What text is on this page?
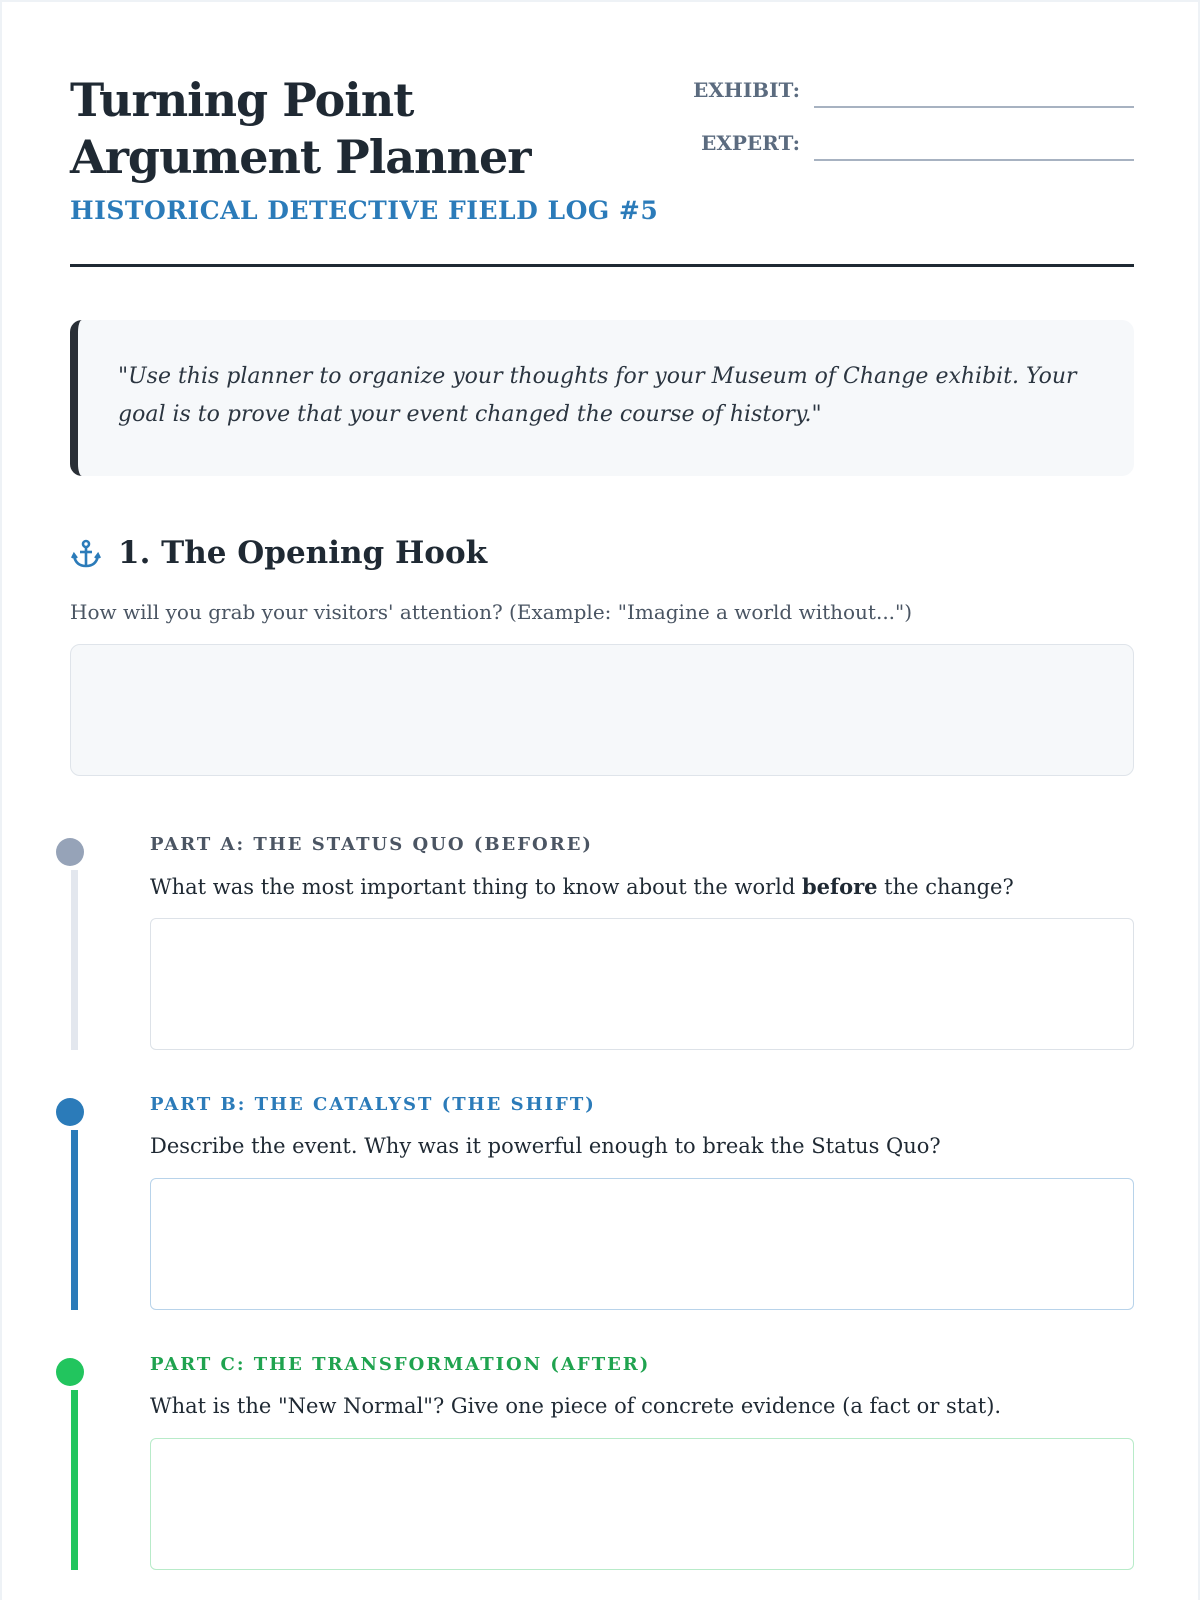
Turning Point Argument Planner
HISTORICAL DETECTIVE FIELD LOG #5
EXHIBIT:
EXPERT:

"Use this planner to organize your thoughts for your Museum of Change exhibit. Your goal is to prove that your event changed the course of history."

1. The Opening Hook

How will you grab your visitors' attention? (Example: "Imagine a world without...")

PART A: THE STATUS QUO (BEFORE)

What was the most important thing to know about the world before the change?

PART B: THE CATALYST (THE SHIFT)

Describe the event. Why was it powerful enough to break the Status Quo?

PART C: THE TRANSFORMATION (AFTER)

What is the "New Normal"? Give one piece of concrete evidence (a fact or stat).
